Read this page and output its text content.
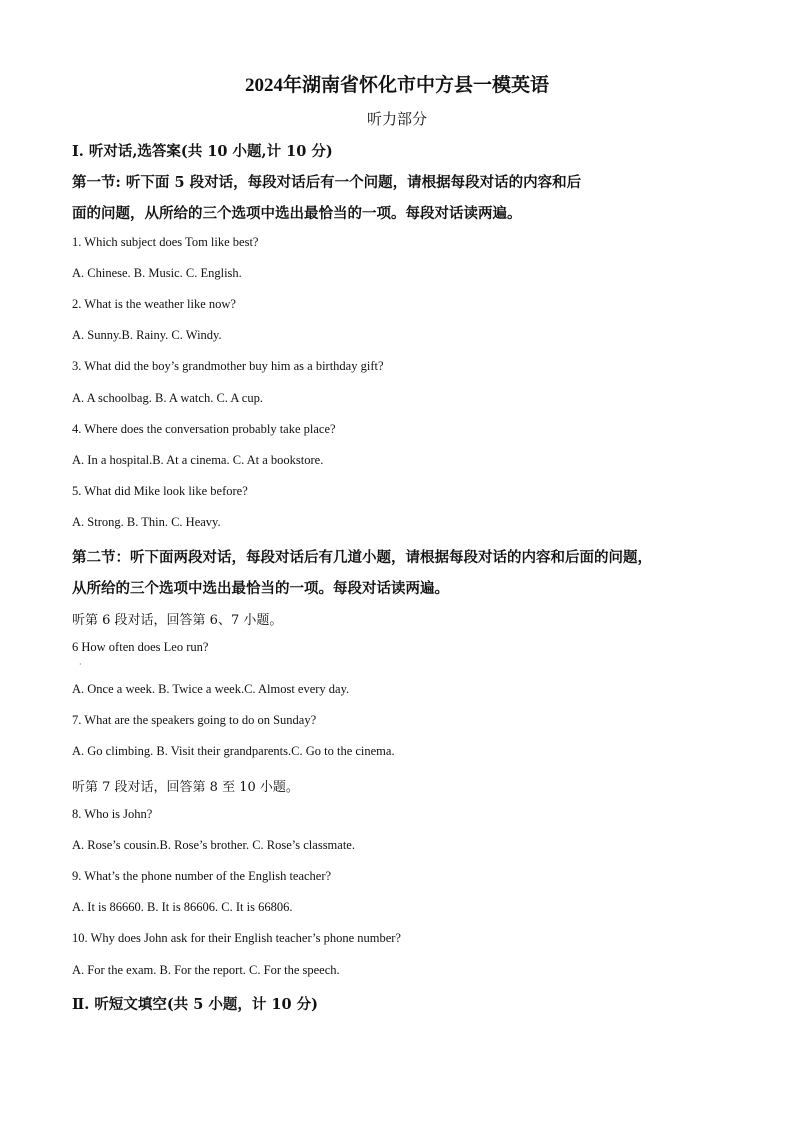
2024年湖南省怀化市中方县一模英语
听力部分
Ⅰ. 听对话,选答案(共 10 小题,计 10 分)
第一节: 听下面 5 段对话，每段对话后有一个问题，请根据每段对话的内容和后
面的问题，从所给的三个选项中选出最恰当的一项。每段对话读两遍。
1. Which subject does Tom like best?
A. Chinese. B. Music. C. English.
2. What is the weather like now?
A. Sunny.B. Rainy. C. Windy.
3. What did the boy’s grandmother buy him as a birthday gift?
A. A schoolbag. B. A watch. C. A cup.
4. Where does the conversation probably take place?
A. In a hospital.B. At a cinema. C. At a bookstore.
5. What did Mike look like before?
A. Strong. B. Thin. C. Heavy.
第二节：听下面两段对话，每段对话后有几道小题，请根据每段对话的内容和后面的问题，
从所给的三个选项中选出最恰当的一项。每段对话读两遍。
听第 6 段对话，回答第 6、7 小题。
6 How often does Leo run?
·
A. Once a week. B. Twice a week.C. Almost every day.
7. What are the speakers going to do on Sunday?
A. Go climbing. B. Visit their grandparents.C. Go to the cinema.
听第 7 段对话，回答第 8 至 10 小题。
8. Who is John?
A. Rose’s cousin.B. Rose’s brother. C. Rose’s classmate.
9. What’s the phone number of the English teacher?
A. It is 86660. B. It is 86606. C. It is 66806.
10. Why does John ask for their English teacher’s phone number?
A. For the exam. B. For the report. C. For the speech.
Ⅱ. 听短文填空(共 5 小题，计 10 分)
